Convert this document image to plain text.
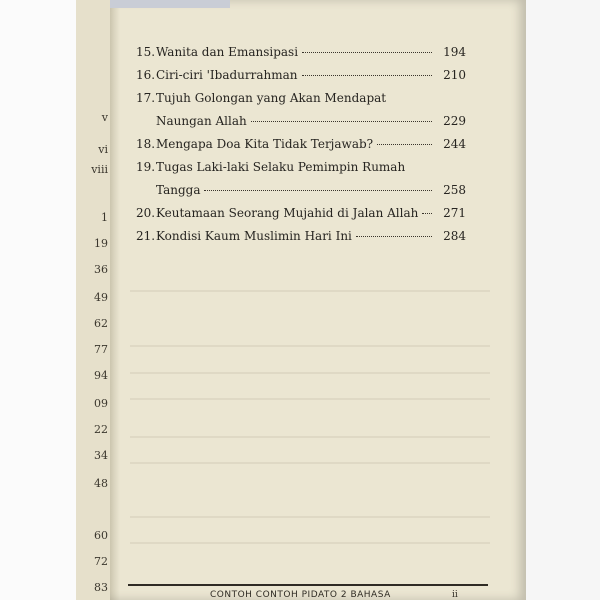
v
vi
viii
1
19
36
49
62
77
94
09
22
34
48
60
72
83
15. Wanita dan Emansipasi	194
16. Ciri-ciri 'Ibadurrahman	210
17. Tujuh Golongan yang Akan Mendapat
Naungan Allah	229
18. Mengapa Doa Kita Tidak Terjawab?	244
19. Tugas Laki-laki Selaku Pemimpin Rumah
Tangga	258
20. Keutamaan Seorang Mujahid di Jalan Allah	271
21. Kondisi Kaum Muslimin Hari Ini	284
CONTOH CONTOH PIDATO 2 BAHASA	ii
